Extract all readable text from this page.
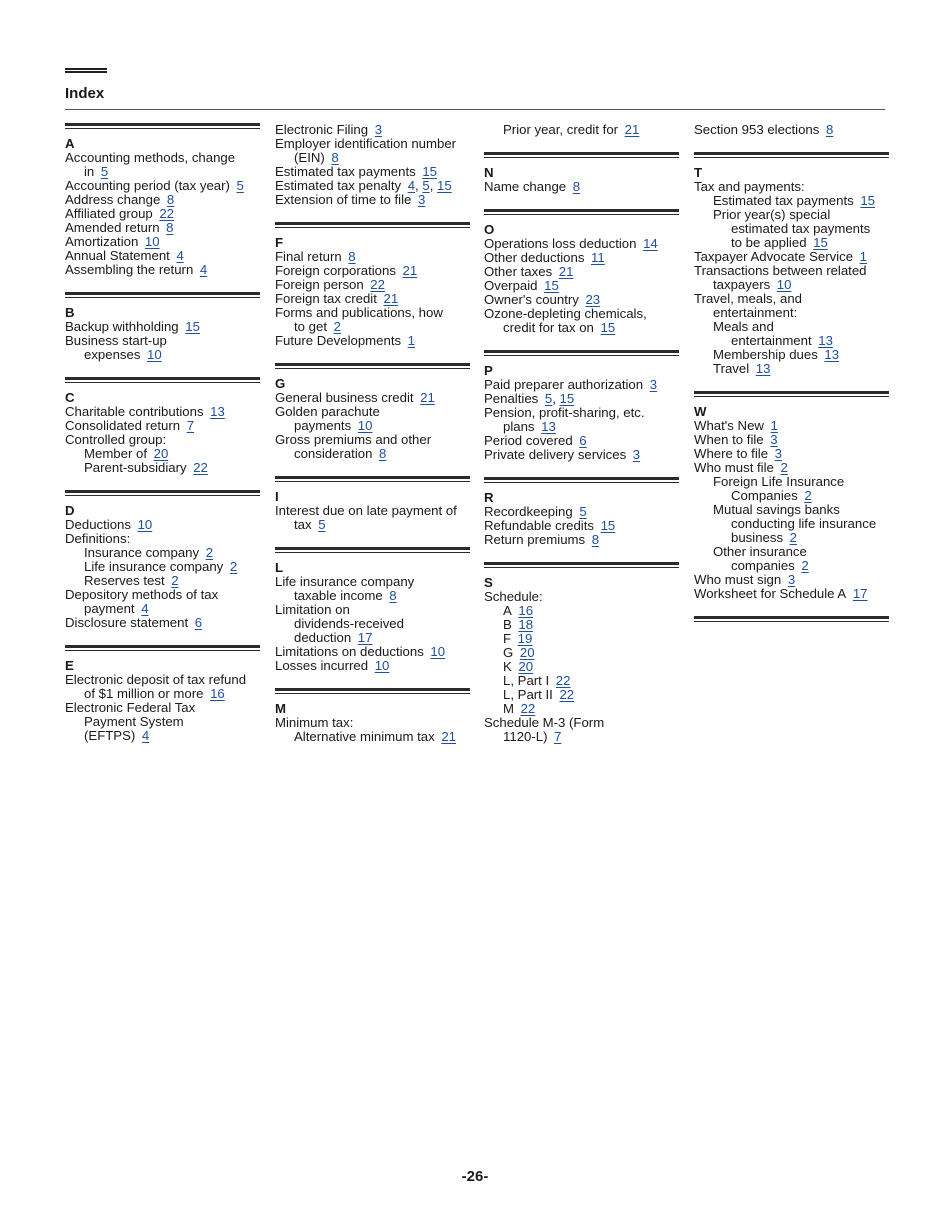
Index
A
Accounting methods, change
in  5
Accounting period (tax year)  5
Address change  8
Affiliated group  22
Amended return  8
Amortization  10
Annual Statement  4
Assembling the return  4
B
Backup withholding  15
Business start-up
expenses  10
C
Charitable contributions  13
Consolidated return  7
Controlled group:
Member of  20
Parent-subsidiary  22
D
Deductions  10
Definitions:
Insurance company  2
Life insurance company  2
Reserves test  2
Depository methods of tax
payment  4
Disclosure statement  6
E
Electronic deposit of tax refund
of $1 million or more  16
Electronic Federal Tax
Payment System
(EFTPS)  4
Electronic Filing  3
Employer identification number
(EIN)  8
Estimated tax payments  15
Estimated tax penalty  4, 5, 15
Extension of time to file  3
F
Final return  8
Foreign corporations  21
Foreign person  22
Foreign tax credit  21
Forms and publications, how
to get  2
Future Developments  1
G
General business credit  21
Golden parachute
payments  10
Gross premiums and other
consideration  8
I
Interest due on late payment of
tax  5
L
Life insurance company
taxable income  8
Limitation on
dividends-received
deduction  17
Limitations on deductions  10
Losses incurred  10
M
Minimum tax:
Alternative minimum tax  21
Prior year, credit for  21
N
Name change  8
O
Operations loss deduction  14
Other deductions  11
Other taxes  21
Overpaid  15
Owner's country  23
Ozone-depleting chemicals,
credit for tax on  15
P
Paid preparer authorization  3
Penalties  5, 15
Pension, profit-sharing, etc.
plans  13
Period covered  6
Private delivery services  3
R
Recordkeeping  5
Refundable credits  15
Return premiums  8
S
Schedule:
A  16
B  18
F  19
G  20
K  20
L, Part I  22
L, Part II  22
M  22
Schedule M-3 (Form
1120-L)  7
Section 953 elections  8
T
Tax and payments:
Estimated tax payments  15
Prior year(s) special
estimated tax payments
to be applied  15
Taxpayer Advocate Service  1
Transactions between related
taxpayers  10
Travel, meals, and
entertainment:
Meals and
entertainment  13
Membership dues  13
Travel  13
W
What's New  1
When to file  3
Where to file  3
Who must file  2
Foreign Life Insurance
Companies  2
Mutual savings banks
conducting life insurance
business  2
Other insurance
companies  2
Who must sign  3
Worksheet for Schedule A  17
-26-
